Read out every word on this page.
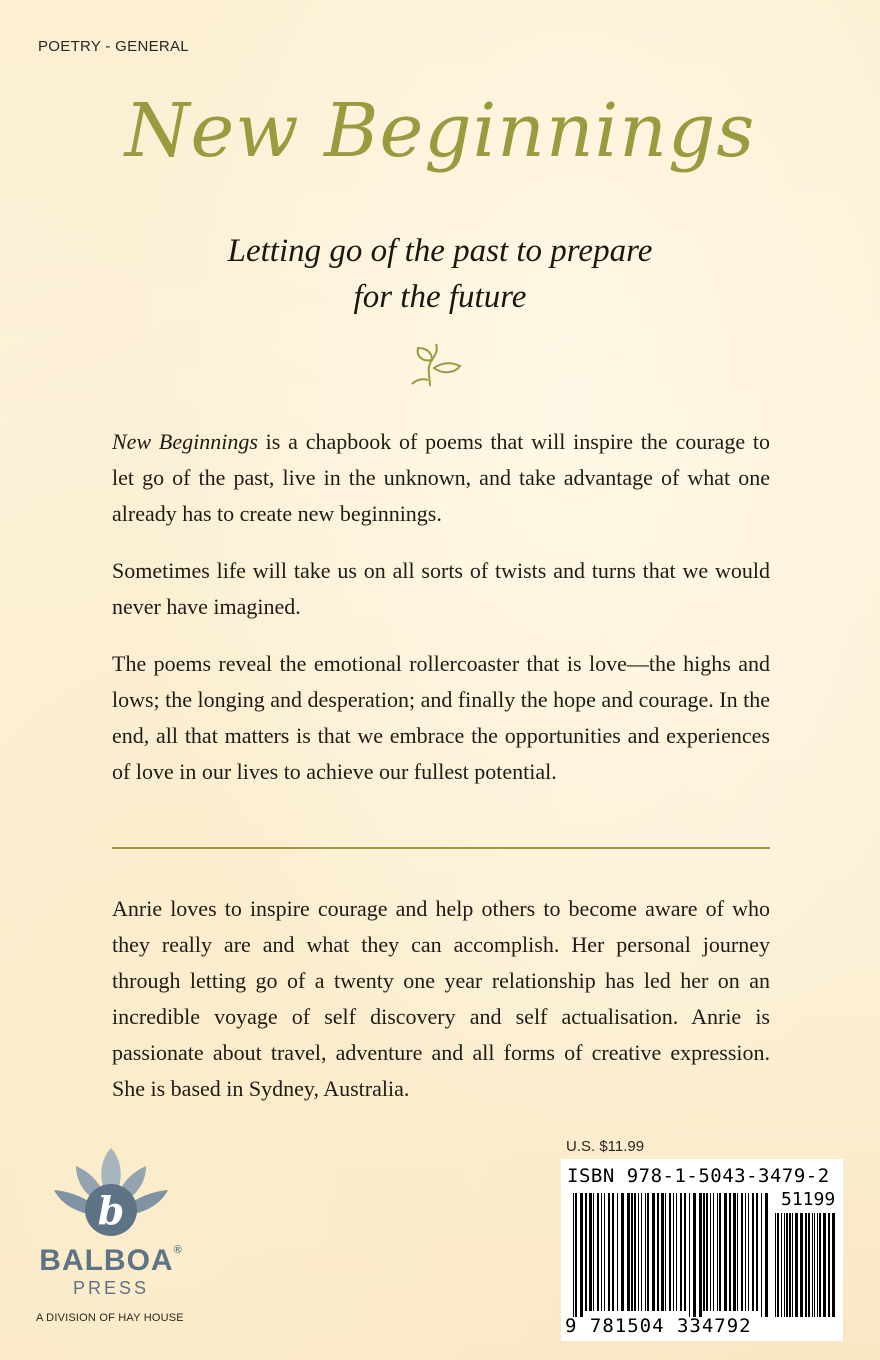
POETRY - GENERAL
New Beginnings
Letting go of the past to prepare
for the future
New Beginnings is a chapbook of poems that will inspire the courage to let go of the past, live in the unknown, and take advantage of what one already has to create new beginnings.
Sometimes life will take us on all sorts of twists and turns that we would never have imagined.
The poems reveal the emotional rollercoaster that is love—the highs and lows; the longing and desperation; and finally the hope and courage. In the end, all that matters is that we embrace the opportunities and experiences of love in our lives to achieve our fullest potential.
Anrie loves to inspire courage and help others to become aware of who they really are and what they can accomplish. Her personal journey through letting go of a twenty one year relationship has led her on an incredible voyage of self discovery and self actualisation. Anrie is passionate about travel, adventure and all forms of creative expression. She is based in Sydney, Australia.
U.S. $11.99
ISBN 978-1-5043-3479-2
51199
9 781504 334792
b
BALBOA®
PRESS
A DIVISION OF HAY HOUSE
